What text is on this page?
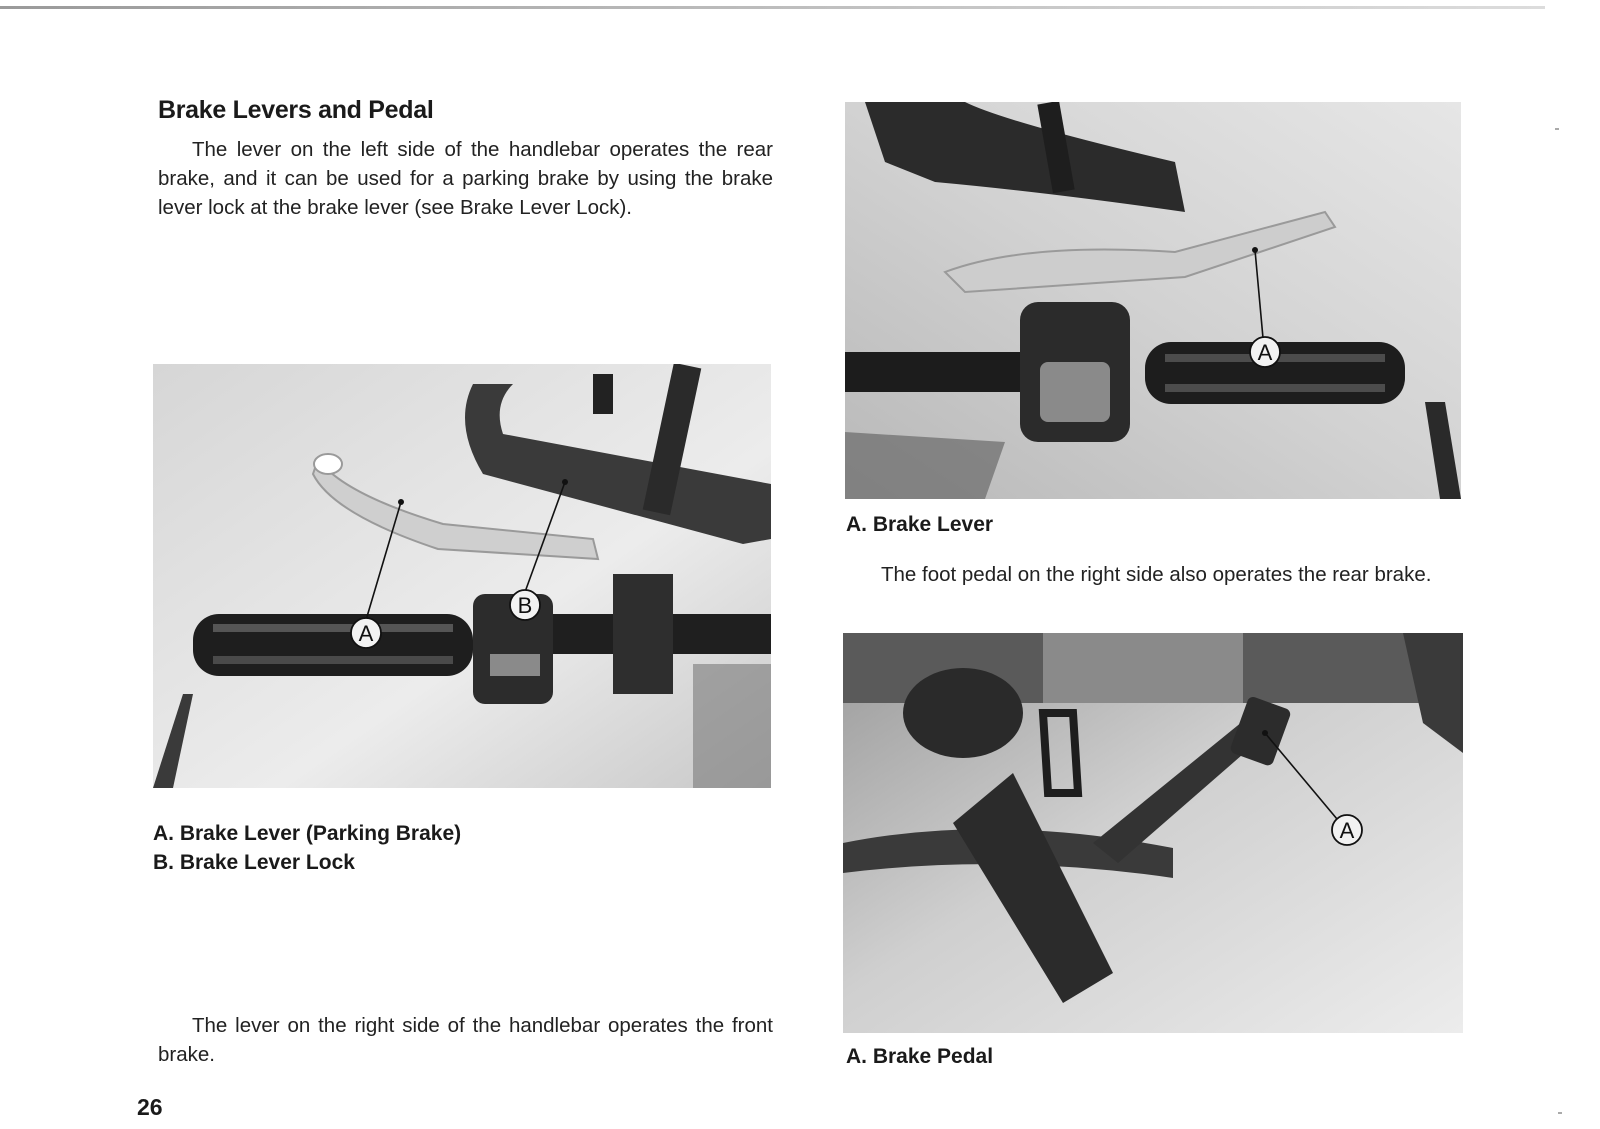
Brake Levers and Pedal
The lever on the left side of the handlebar operates the rear brake, and it can be used for a parking brake by using the brake lever lock at the brake lever (see Brake Lever Lock).
A
B
A. Brake Lever (Parking Brake)
B. Brake Lever Lock
The lever on the right side of the handlebar operates the front brake.
A
A. Brake Lever
The foot pedal on the right side also operates the rear brake.
A
A. Brake Pedal
26
